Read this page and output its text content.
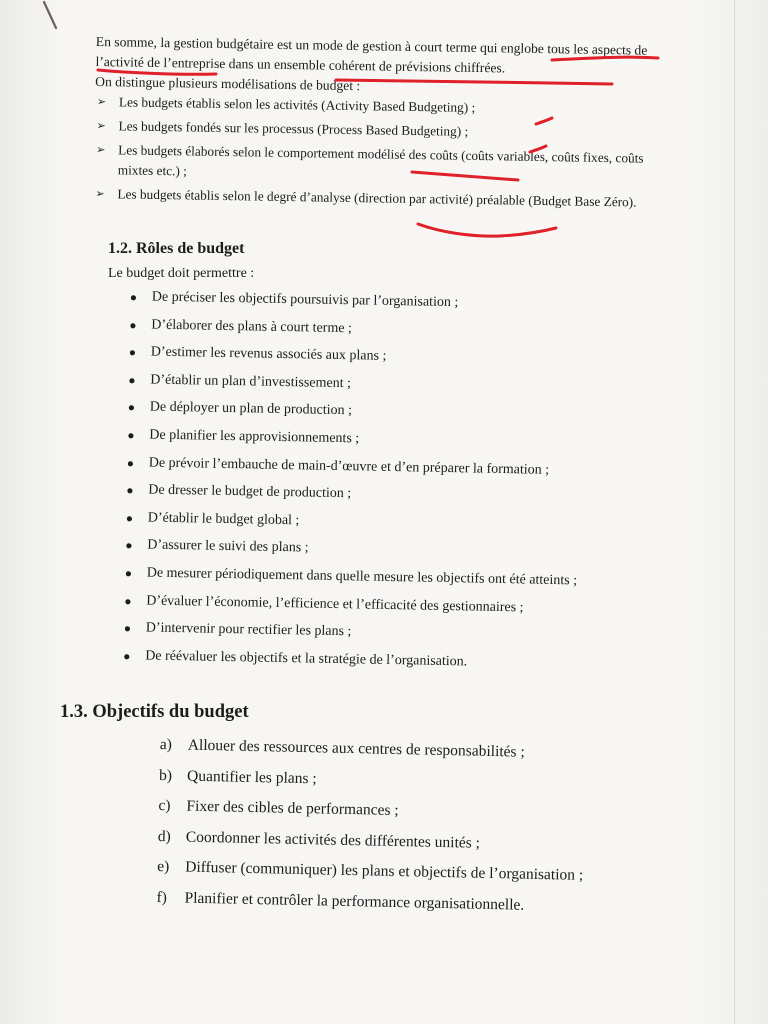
En somme, la gestion budgétaire est un mode de gestion à court terme qui englobe tous les aspects de l’activité de l’entreprise dans un ensemble cohérent de prévisions chiffrées.

On distingue plusieurs modélisations de budget :

➢ Les budgets établis selon les activités (Activity Based Budgeting) ;
➢ Les budgets fondés sur les processus (Process Based Budgeting) ;
➢ Les budgets élaborés selon le comportement modélisé des coûts (coûts variables, coûts fixes, coûts mixtes etc.) ;
➢ Les budgets établis selon le degré d’analyse (direction par activité) préalable (Budget Base Zéro).
1.2. Rôles de budget
Le budget doit permettre :
● De préciser les objectifs poursuivis par l’organisation ;
● D’élaborer des plans à court terme ;
● D’estimer les revenus associés aux plans ;
● D’établir un plan d’investissement ;
● De déployer un plan de production ;
● De planifier les approvisionnements ;
● De prévoir l’embauche de main-d’œuvre et d’en préparer la formation ;
● De dresser le budget de production ;
● D’établir le budget global ;
● D’assurer le suivi des plans ;
● De mesurer périodiquement dans quelle mesure les objectifs ont été atteints ;
● D’évaluer l’économie, l’efficience et l’efficacité des gestionnaires ;
● D’intervenir pour rectifier les plans ;
● De réévaluer les objectifs et la stratégie de l’organisation.
1.3. Objectifs du budget
a) Allouer des ressources aux centres de responsabilités ;
b) Quantifier les plans ;
c) Fixer des cibles de performances ;
d) Coordonner les activités des différentes unités ;
e) Diffuser (communiquer) les plans et objectifs de l’organisation ;
f) Planifier et contrôler la performance organisationnelle.
